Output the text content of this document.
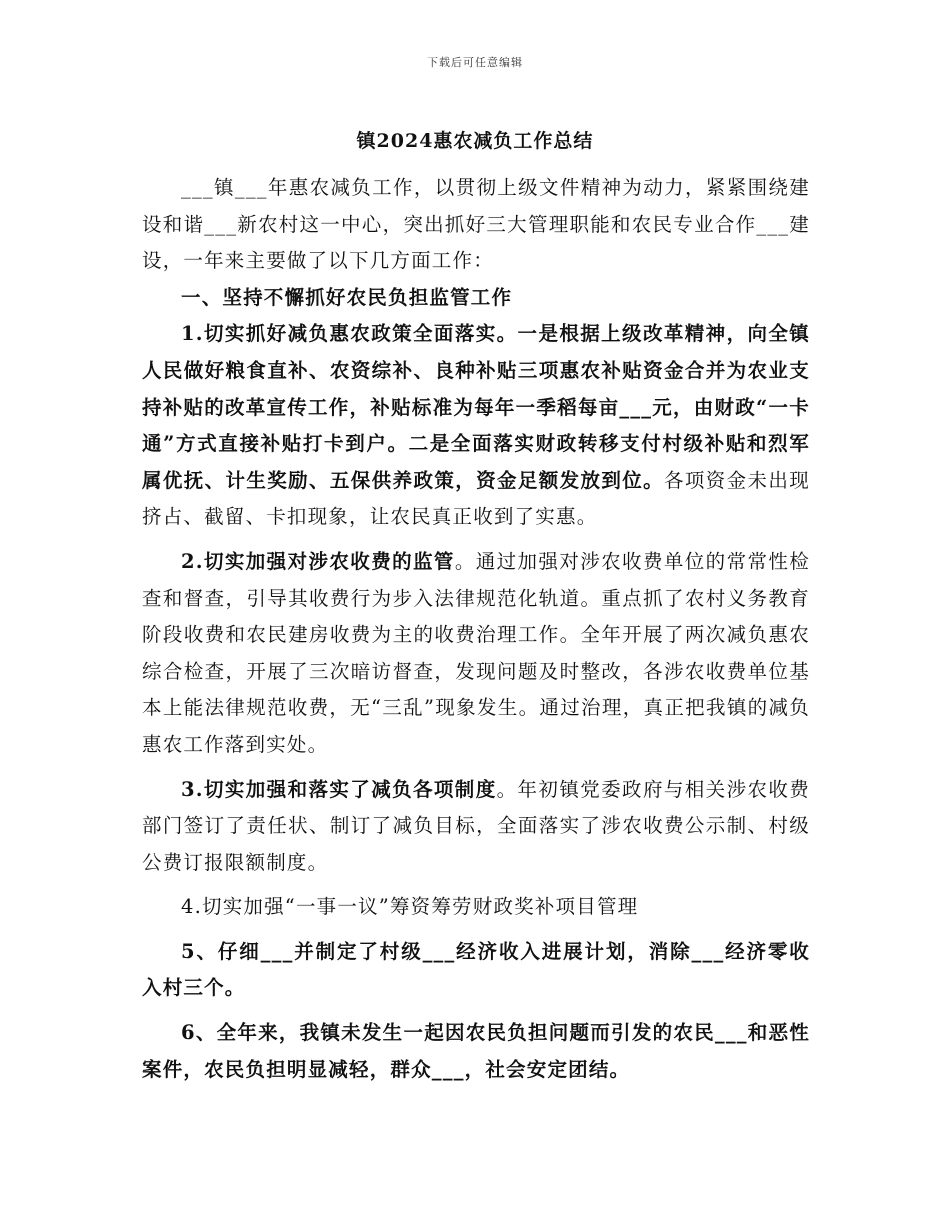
下载后可任意编辑
镇2024惠农减负工作总结

___镇___年惠农减负工作，以贯彻上级文件精神为动力，紧紧围绕建设和谐___新农村这一中心，突出抓好三大管理职能和农民专业合作___建设，一年来主要做了以下几方面工作：

一、坚持不懈抓好农民负担监管工作

1.切实抓好减负惠农政策全面落实。一是根据上级改革精神，向全镇人民做好粮食直补、农资综补、良种补贴三项惠农补贴资金合并为农业支持补贴的改革宣传工作，补贴标准为每年一季稻每亩___元，由财政“一卡通”方式直接补贴打卡到户。二是全面落实财政转移支付村级补贴和烈军属优抚、计生奖励、五保供养政策，资金足额发放到位。各项资金未出现挤占、截留、卡扣现象，让农民真正收到了实惠。

2.切实加强对涉农收费的监管。通过加强对涉农收费单位的常常性检查和督查，引导其收费行为步入法律规范化轨道。重点抓了农村义务教育阶段收费和农民建房收费为主的收费治理工作。全年开展了两次减负惠农综合检查，开展了三次暗访督查，发现问题及时整改，各涉农收费单位基本上能法律规范收费，无“三乱”现象发生。通过治理，真正把我镇的减负惠农工作落到实处。

3.切实加强和落实了减负各项制度。年初镇党委政府与相关涉农收费部门签订了责任状、制订了减负目标，全面落实了涉农收费公示制、村级公费订报限额制度。

4.切实加强“一事一议”筹资筹劳财政奖补项目管理

5、仔细___并制定了村级___经济收入进展计划，消除___经济零收入村三个。

6、全年来，我镇未发生一起因农民负担问题而引发的农民___和恶性案件，农民负担明显减轻，群众___，社会安定团结。
